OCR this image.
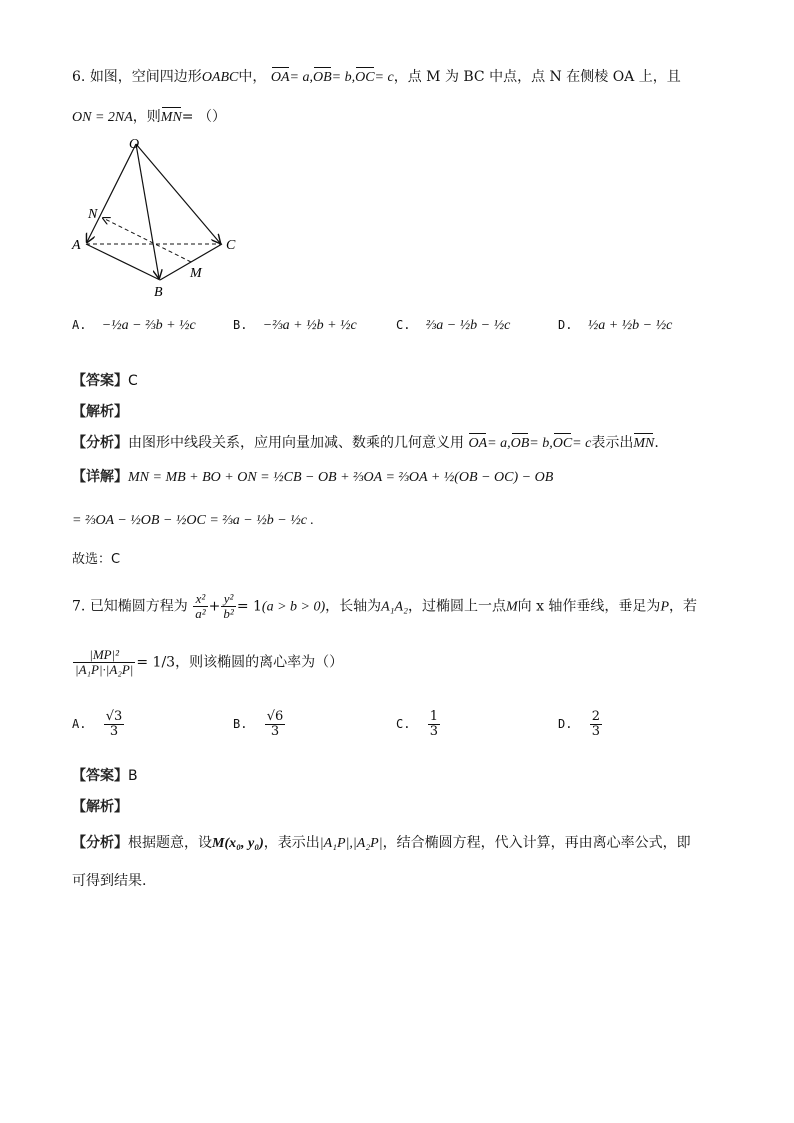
6. 如图，空间四边形OABC中， OA= a,OB= b,OC= c，点 M 为 BC 中点，点 N 在侧棱 OA 上，且
ON = 2NA，则MN= （）
O
N
A	C
M
B
A. −½a − ⅔b + ½c	B. −⅔a + ½b + ½c	C. ⅔a − ½b − ½c	D. ½a + ½b − ½c
【答案】C
【解析】
【分析】由图形中线段关系，应用向量加减、数乘的几何意义用 OA= a,OB= b,OC= c表示出MN.
【详解】MN = MB + BO + ON = ½CB − OB + ⅔OA = ⅔OA + ½(OB − OC) − OB
= ⅔OA − ½OB − ½OC = ⅔a − ½b − ½c .
故选：C
7. 已知椭圆方程为 $\frac{\text{x²}}{\text{a²}} + \frac{\text{y²}}{\text{b²}} = 1(a > b > 0)$，长轴为A₁A₂，过椭圆上一点M向 x 轴作垂线，垂足为P，若
$\frac{\text{|MP|²}}{\text{|A₁P|·|A₂P|}} = 1/3$，则该椭圆的离心率为（）
A. $\frac{√3}{3}$	B. $\frac{√6}{3}$	C. $\frac{1}{3}$	D. $\frac{2}{3}$
【答案】B
【解析】
【分析】根据题意，设M(x₀, y₀)，表示出|A₁P|,|A₂P|，结合椭圆方程，代入计算，再由离心率公式，即
可得到结果.
